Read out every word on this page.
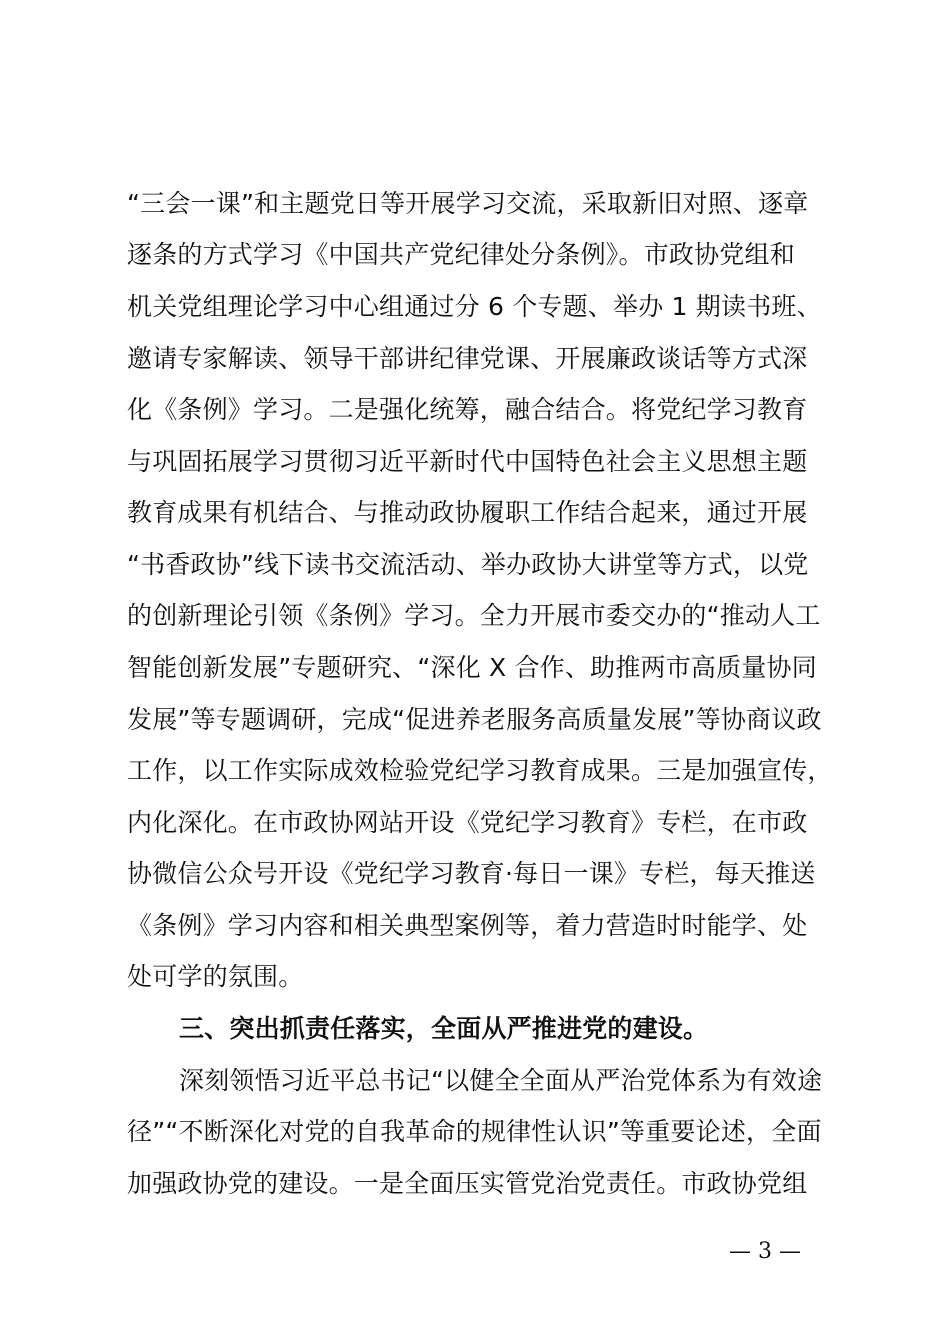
“三会一课”和主题党日等开展学习交流，采取新旧对照、逐章
逐条的方式学习《中国共产党纪律处分条例》。市政协党组和
机关党组理论学习中心组通过分 6 个专题、举办 1 期读书班、
邀请专家解读、领导干部讲纪律党课、开展廉政谈话等方式深
化《条例》学习。二是强化统筹，融合结合。将党纪学习教育
与巩固拓展学习贯彻习近平新时代中国特色社会主义思想主题
教育成果有机结合、与推动政协履职工作结合起来，通过开展
“书香政协”线下读书交流活动、举办政协大讲堂等方式，以党
的创新理论引领《条例》学习。全力开展市委交办的“推动人工
智能创新发展”专题研究、“深化 X 合作、助推两市高质量协同
发展”等专题调研，完成“促进养老服务高质量发展”等协商议政
工作，以工作实际成效检验党纪学习教育成果。三是加强宣传，
内化深化。在市政协网站开设《党纪学习教育》专栏，在市政
协微信公众号开设《党纪学习教育·每日一课》专栏，每天推送
《条例》学习内容和相关典型案例等，着力营造时时能学、处
处可学的氛围。
三、突出抓责任落实，全面从严推进党的建设。
深刻领悟习近平总书记“以健全全面从严治党体系为有效途
径”“不断深化对党的自我革命的规律性认识”等重要论述，全面
加强政协党的建设。一是全面压实管党治党责任。市政协党组
— 3 —
